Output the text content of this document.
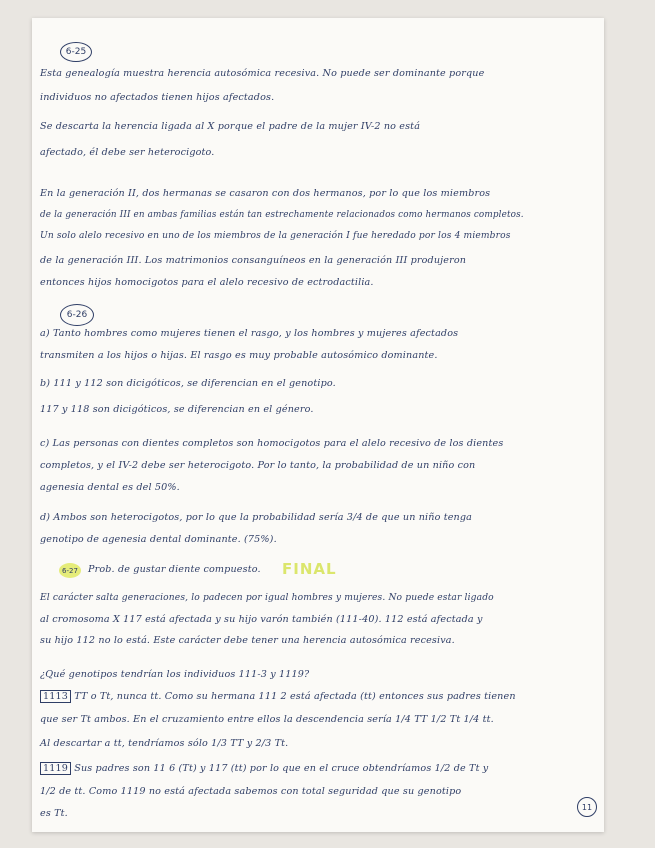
6-25

Esta genealogía muestra herencia autosómica recesiva. No puede ser dominante porque

individuos no afectados tienen hijos afectados.

Se descarta la herencia ligada al X porque el padre de la mujer IV-2 no está

afectado, él debe ser heterocigoto.

En la generación II, dos hermanas se casaron con dos hermanos, por lo que los miembros

de la generación III en ambas familias están tan estrechamente relacionados como hermanos completos.

Un solo alelo recesivo en uno de los miembros de la generación I fue heredado por los 4 miembros

de la generación III. Los matrimonios consanguíneos en la generación III produjeron

entonces hijos homocigotos para el alelo recesivo de ectrodactilia.

6-26

a) Tanto hombres como mujeres tienen el rasgo, y los hombres y mujeres afectados

transmiten a los hijos o hijas. El rasgo es muy probable autosómico dominante.

b) 111 y 112 son dicigóticos, se diferencian en el genotipo.

117 y 118 son dicigóticos, se diferencian en el género.

c) Las personas con dientes completos son homocigotos para el alelo recesivo de los dientes

completos, y el IV-2 debe ser heterocigoto. Por lo tanto, la probabilidad de un niño con

agenesia dental es del 50%.

d) Ambos son heterocigotos, por lo que la probabilidad sería 3/4 de que un niño tenga

genotipo de agenesia dental dominante. (75%).

6-27	Prob. de gustar diente compuesto. FINAL

El carácter salta generaciones, lo padecen por igual hombres y mujeres. No puede estar ligado

al cromosoma X 117 está afectada y su hijo varón también (111-40). 112 está afectada y

su hijo 112 no lo está. Este carácter debe tener una herencia autosómica recesiva.

¿Qué genotipos tendrían los individuos 111-3 y 1119?

1113 TT o Tt, nunca tt. Como su hermana 111 2 está afectada (tt) entonces sus padres tienen

que ser Tt ambos. En el cruzamiento entre ellos la descendencia sería 1/4 TT 1/2 Tt 1/4 tt.

Al descartar a tt, tendríamos sólo 1/3 TT y 2/3 Tt.

1119 Sus padres son 11 6 (Tt) y 117 (tt) por lo que en el cruce obtendríamos 1/2 de Tt y

1/2 de tt. Como 1119 no está afectada sabemos con total seguridad que su genotipo

es Tt.

11
